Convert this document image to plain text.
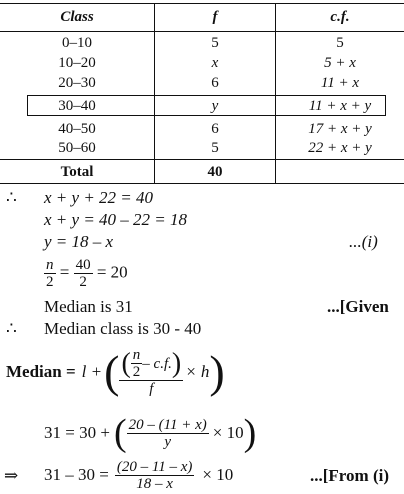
Class	f	c.f.
0–10	5	5
10–20	x	5 + x
20–30	6	11 + x
30–40	y	11 + x + y
40–50	6	17 + x + y
50–60	5	22 + x + y
Total	40
∴ x + y + 22 = 40
x + y = 40 – 22 = 18
y = 18 – x	...(i)
$\frac{n}{2} = \frac{40}{2} = 20$
Median is 31	...[Given
∴ Median class is 30 - 40
Median = l + ( $\frac{( \frac{n}{2} - c.f. )}{f} \times h$ )
31 = 30 + ( $\frac{20 - (11 + x)}{y} \times 10$ )
⇒ $31 - 30 = \frac{(20 - 11 - x)}{18 - x} \times 10$	...[From (i)
